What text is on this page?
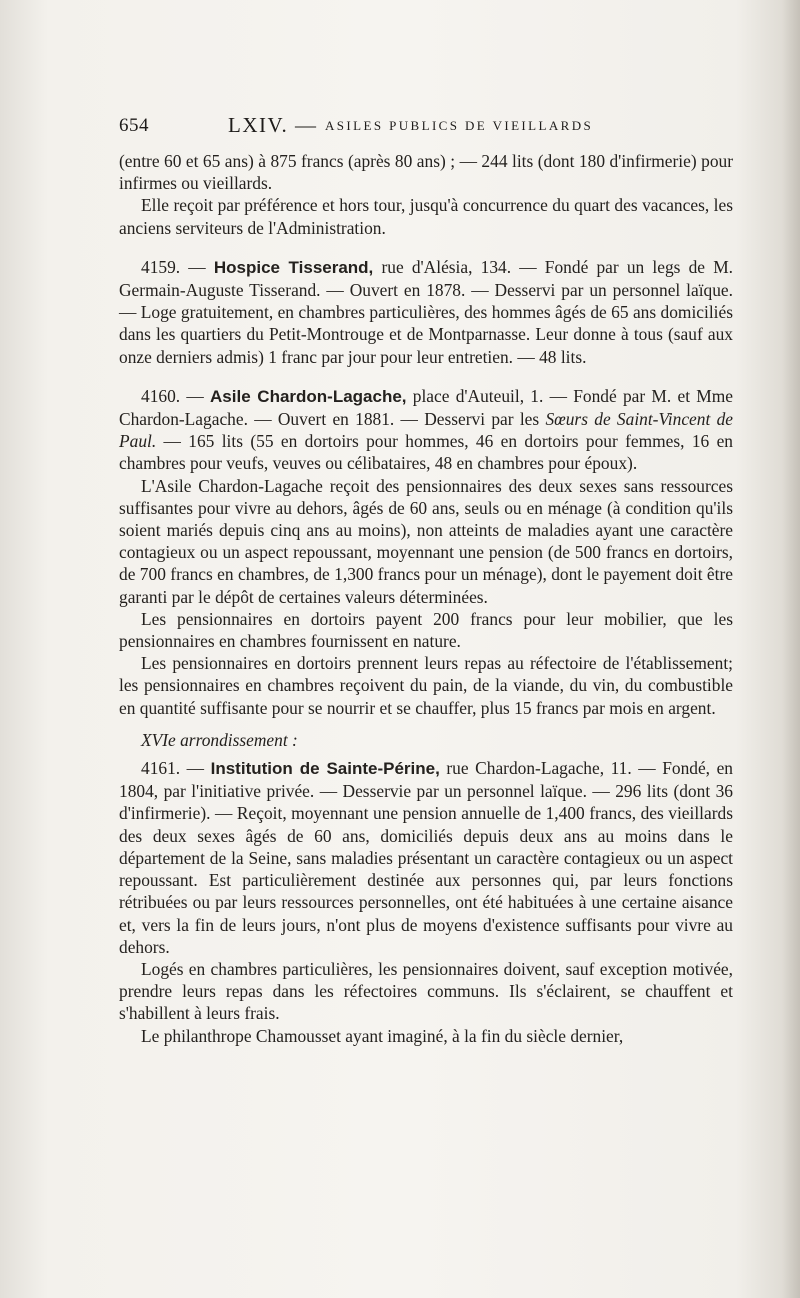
654	LXIV. — ASILES PUBLICS DE VIEILLARDS

(entre 60 et 65 ans) à 875 francs (après 80 ans) ; — 244 lits (dont 180 d'infirmerie) pour infirmes ou vieillards.

Elle reçoit par préférence et hors tour, jusqu'à concurrence du quart des vacances, les anciens serviteurs de l'Administration.

4159. — Hospice Tisserand, rue d'Alésia, 134. — Fondé par un legs de M. Germain-Auguste Tisserand. — Ouvert en 1878. — Desservi par un personnel laïque. — Loge gratuitement, en chambres particulières, des hommes âgés de 65 ans domiciliés dans les quartiers du Petit-Montrouge et de Montparnasse. Leur donne à tous (sauf aux onze derniers admis) 1 franc par jour pour leur entretien. — 48 lits.

4160. — Asile Chardon-Lagache, place d'Auteuil, 1. — Fondé par M. et Mme Chardon-Lagache. — Ouvert en 1881. — Desservi par les Sœurs de Saint-Vincent de Paul. — 165 lits (55 en dortoirs pour hommes, 46 en dortoirs pour femmes, 16 en chambres pour veufs, veuves ou célibataires, 48 en chambres pour époux).

L'Asile Chardon-Lagache reçoit des pensionnaires des deux sexes sans ressources suffisantes pour vivre au dehors, âgés de 60 ans, seuls ou en ménage (à condition qu'ils soient mariés depuis cinq ans au moins), non atteints de maladies ayant une caractère contagieux ou un aspect repoussant, moyennant une pension (de 500 francs en dortoirs, de 700 francs en chambres, de 1,300 francs pour un ménage), dont le payement doit être garanti par le dépôt de certaines valeurs déterminées.

Les pensionnaires en dortoirs payent 200 francs pour leur mobilier, que les pensionnaires en chambres fournissent en nature.

Les pensionnaires en dortoirs prennent leurs repas au réfectoire de l'établissement; les pensionnaires en chambres reçoivent du pain, de la viande, du vin, du combustible en quantité suffisante pour se nourrir et se chauffer, plus 15 francs par mois en argent.

XVIe arrondissement :

4161. — Institution de Sainte-Périne, rue Chardon-Lagache, 11. — Fondé, en 1804, par l'initiative privée. — Desservie par un personnel laïque. — 296 lits (dont 36 d'infirmerie). — Reçoit, moyennant une pension annuelle de 1,400 francs, des vieillards des deux sexes âgés de 60 ans, domiciliés depuis deux ans au moins dans le département de la Seine, sans maladies présentant un caractère contagieux ou un aspect repoussant. Est particulièrement destinée aux personnes qui, par leurs fonctions rétribuées ou par leurs ressources personnelles, ont été habituées à une certaine aisance et, vers la fin de leurs jours, n'ont plus de moyens d'existence suffisants pour vivre au dehors.

Logés en chambres particulières, les pensionnaires doivent, sauf exception motivée, prendre leurs repas dans les réfectoires communs. Ils s'éclairent, se chauffent et s'habillent à leurs frais.

Le philanthrope Chamousset ayant imaginé, à la fin du siècle dernier,
